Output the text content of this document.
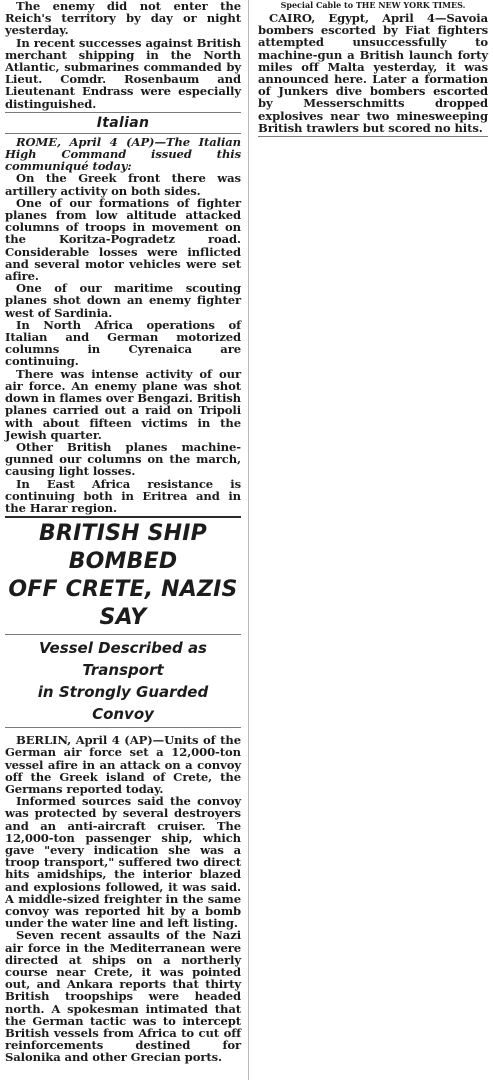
The enemy did not enter the Reich's territory by day or night yesterday.

In recent successes against British merchant shipping in the North Atlantic, submarines commanded by Lieut. Comdr. Rosenbaum and Lieutenant Endrass were especially distinguished.

Italian

ROME, April 4 (AP)—The Italian High Command issued this communiqué today:

On the Greek front there was artillery activity on both sides.

One of our formations of fighter planes from low altitude attacked columns of troops in movement on the Koritza-Pogradetz road. Considerable losses were inflicted and several motor vehicles were set afire.

One of our maritime scouting planes shot down an enemy fighter west of Sardinia.

In North Africa operations of Italian and German motorized columns in Cyrenaica are continuing.

There was intense activity of our air force. An enemy plane was shot down in flames over Bengazi. British planes carried out a raid on Tripoli with about fifteen victims in the Jewish quarter.

Other British planes machine-gunned our columns on the march, causing light losses.

In East Africa resistance is continuing both in Eritrea and in the Harar region.

BRITISH SHIP BOMBED
OFF CRETE, NAZIS SAY
Vessel Described as Transport
in Strongly Guarded Convoy

BERLIN, April 4 (AP)—Units of the German air force set a 12,000-ton vessel afire in an attack on a convoy off the Greek island of Crete, the Germans reported today.

Informed sources said the convoy was protected by several destroyers and an anti-aircraft cruiser. The 12,000-ton passenger ship, which gave "every indication she was a troop transport," suffered two direct hits amidships, the interior blazed and explosions followed, it was said. A middle-sized freighter in the same convoy was reported hit by a bomb under the water line and left listing.

Seven recent assaults of the Nazi air force in the Mediterranean were directed at ships on a northerly course near Crete, it was pointed out, and Ankara reports that thirty British troopships were headed north. A spokesman intimated that the German tactic was to intercept British vessels from Africa to cut off reinforcements destined for Salonika and other Grecian ports.

Special Cable to THE NEW YORK TIMES.

CAIRO, Egypt, April 4—Savoia bombers escorted by Fiat fighters attempted unsuccessfully to machine-gun a British launch forty miles off Malta yesterday, it was announced here. Later a formation of Junkers dive bombers escorted by Messerschmitts dropped explosives near two minesweeping British trawlers but scored no hits.
